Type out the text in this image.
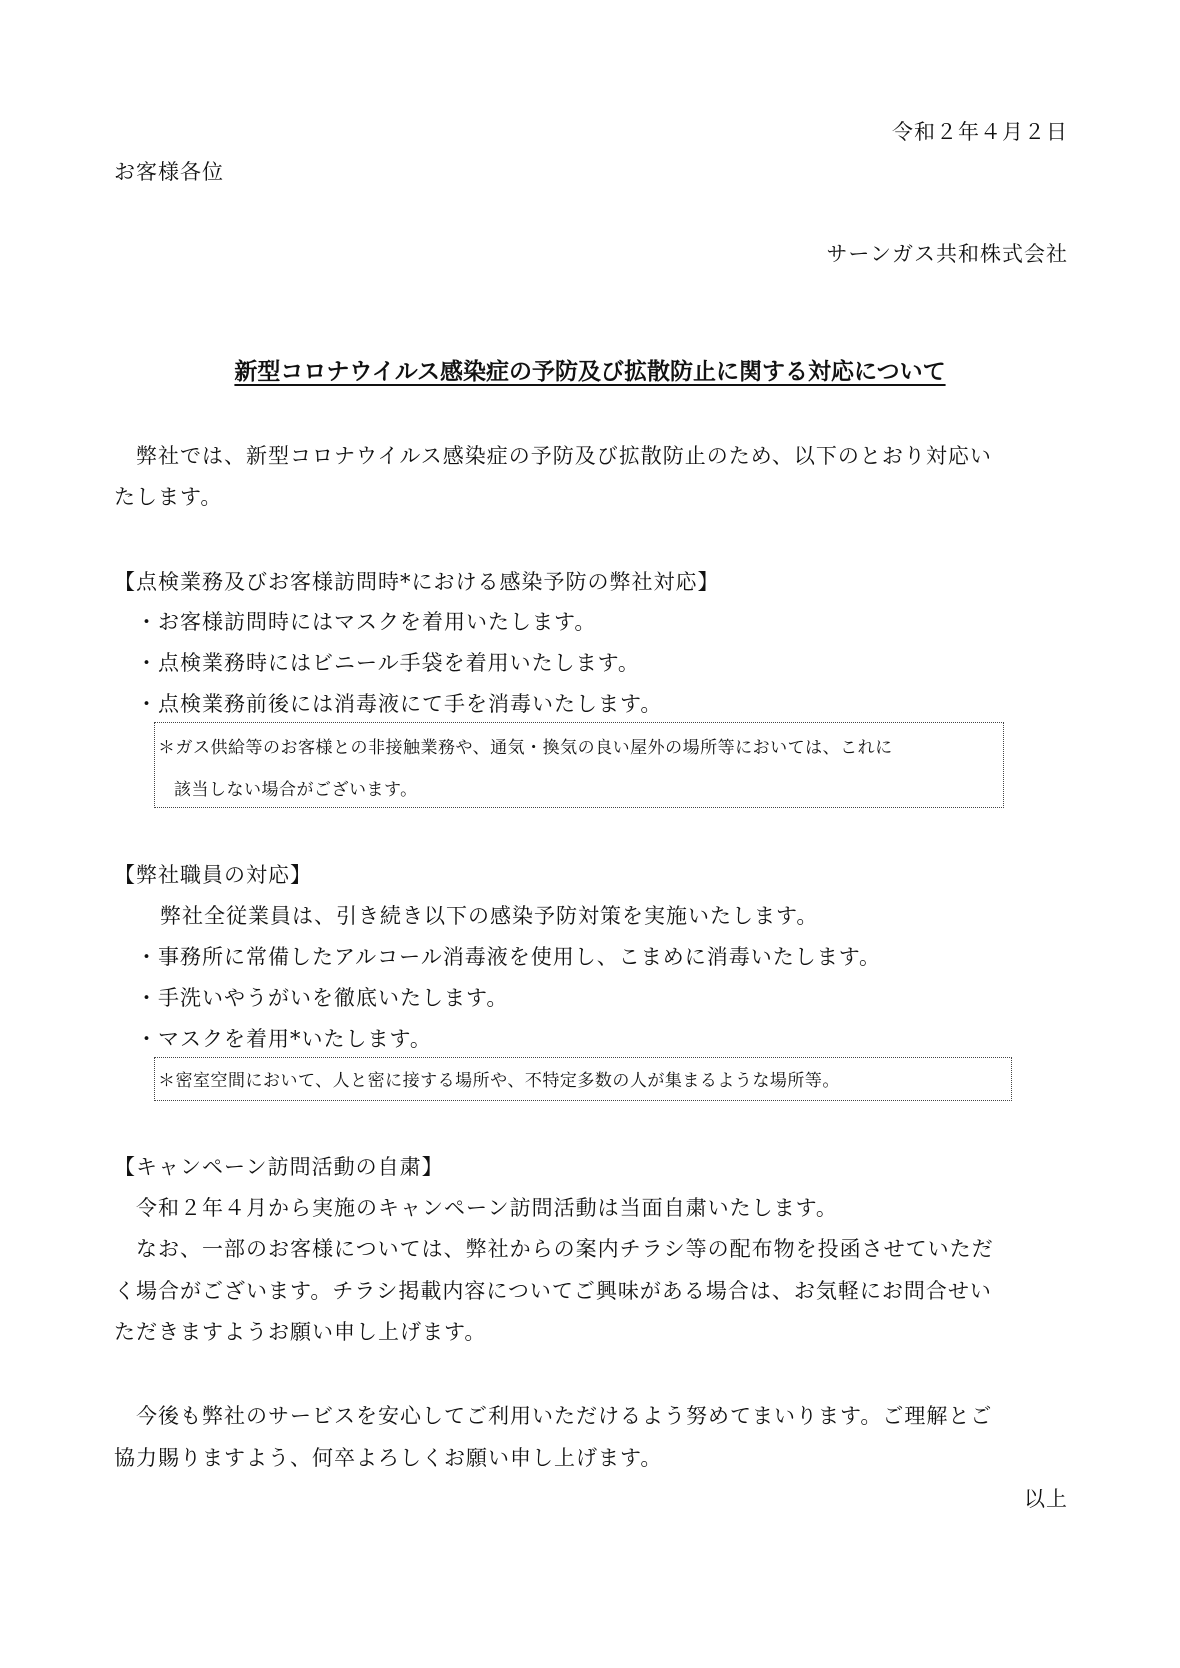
令和２年４月２日
お客様各位
サーンガス共和株式会社
新型コロナウイルス感染症の予防及び拡散防止に関する対応について
弊社では、新型コロナウイルス感染症の予防及び拡散防止のため、以下のとおり対応い
たします。
【点検業務及びお客様訪問時*における感染予防の弊社対応】
・お客様訪問時にはマスクを着用いたします。
・点検業務時にはビニール手袋を着用いたします。
・点検業務前後には消毒液にて手を消毒いたします。
＊ガス供給等のお客様との非接触業務や、通気・換気の良い屋外の場所等においては、これに
該当しない場合がございます。
【弊社職員の対応】
弊社全従業員は、引き続き以下の感染予防対策を実施いたします。
・事務所に常備したアルコール消毒液を使用し、こまめに消毒いたします。
・手洗いやうがいを徹底いたします。
・マスクを着用*いたします。
＊密室空間において、人と密に接する場所や、不特定多数の人が集まるような場所等。
【キャンペーン訪問活動の自粛】
令和２年４月から実施のキャンペーン訪問活動は当面自粛いたします。
なお、一部のお客様については、弊社からの案内チラシ等の配布物を投函させていただ
く場合がございます。チラシ掲載内容についてご興味がある場合は、お気軽にお問合せい
ただきますようお願い申し上げます。
今後も弊社のサービスを安心してご利用いただけるよう努めてまいります。ご理解とご
協力賜りますよう、何卒よろしくお願い申し上げます。
以上
